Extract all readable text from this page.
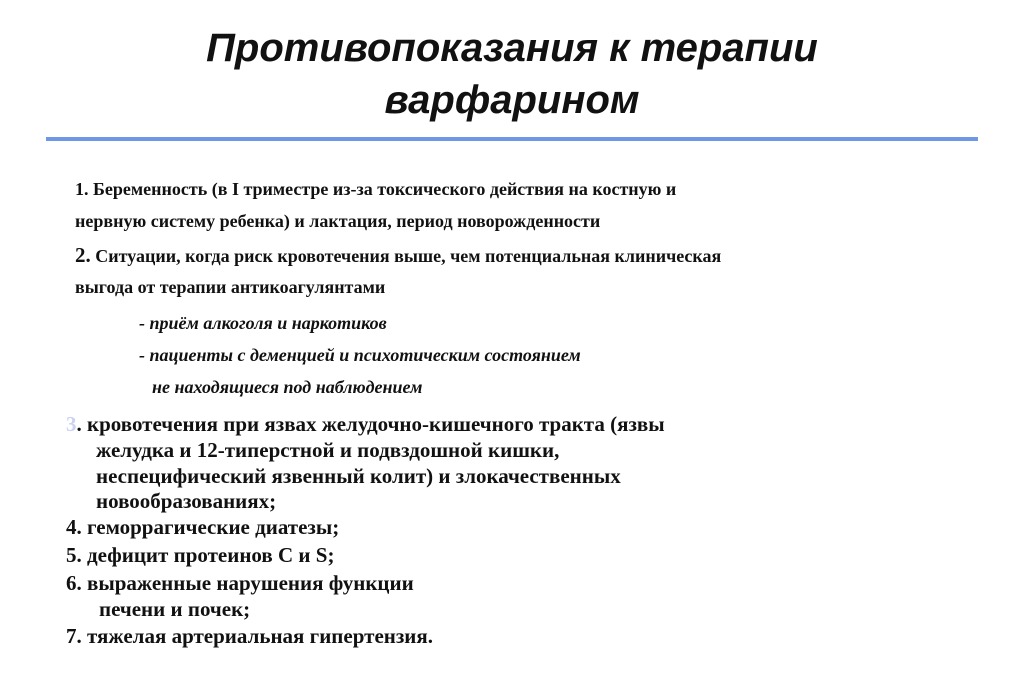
Противопоказания к терапии
варфарином
1. Беременность (в I триместре из-за токсического действия на костную и
нервную систему ребенка) и лактация, период новорожденности
2. Ситуации, когда риск кровотечения выше, чем потенциальная клиническая
выгода от терапии антикоагулянтами
- приём алкоголя и наркотиков
- пациенты с деменцией и психотическим состоянием
не находящиеся под наблюдением
3. кровотечения при язвах желудочно-кишечного тракта (язвы
желудка и 12-типерстной и подвздошной кишки,
неспецифический язвенный колит) и злокачественных
новообразованиях;
4. геморрагические диатезы;
5. дефицит протеинов С и S;
6. выраженные нарушения функции
печени и почек;
7. тяжелая артериальная гипертензия.
